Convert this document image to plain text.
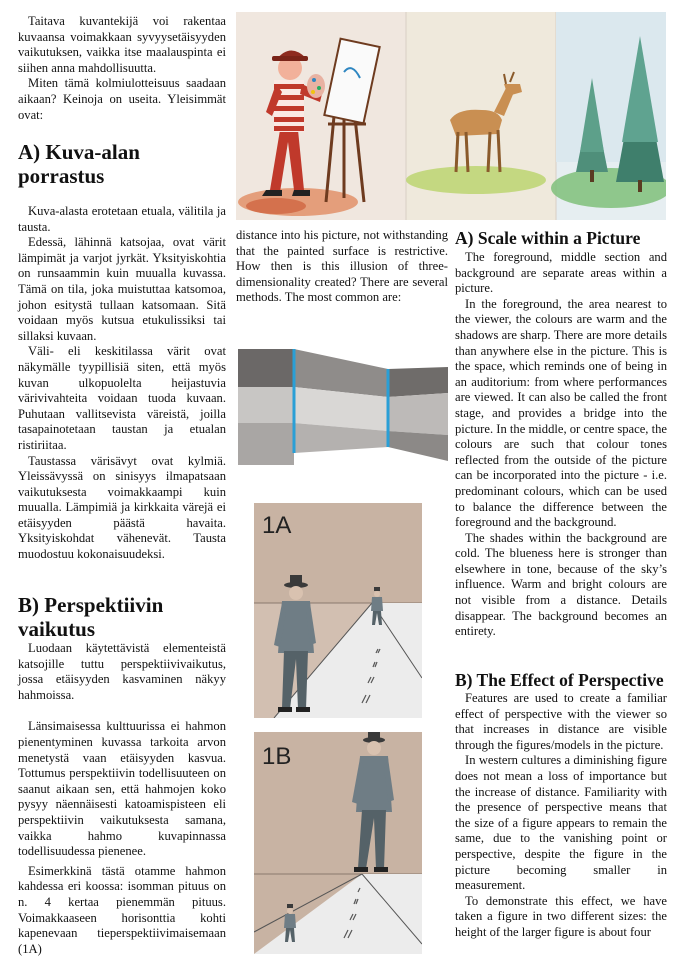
Taitava kuvantekijä voi rakentaa kuvaansa voimakkaan syvyysetäisyyden vaikutuksen, vaikka itse maalauspinta ei siihen anna mahdollisuutta.

Miten tämä kolmiulotteisuus saadaan aikaan? Keinoja on useita. Yleisimmät ovat:

A) Kuva-alan
porrastus

Kuva-alasta erotetaan etuala, välitila ja tausta.

Edessä, lähinnä katsojaa, ovat värit lämpimät ja varjot jyrkät. Yksityiskohtia on runsaammin kuin muualla kuvassa. Tämä on tila, joka muistuttaa katsomoa, johon esitystä tullaan katsomaan. Sitä voidaan myös kutsua etukulissiksi tai sillaksi kuvaan.

Väli- eli keskitilassa värit ovat näkymälle tyypillisiä siten, että myös kuvan ulkopuolelta heijastuvia värivivahteita voidaan tuoda kuvaan. Puhutaan vallitsevista väreistä, joilla tasapainotetaan taustan ja etualan ristiriitaa.

Taustassa värisävyt ovat kylmiä. Yleissävyssä on sinisyys ilmapatsaan vaikutuksesta voimakkaampi kuin muualla. Lämpimiä ja kirkkaita värejä ei etäisyyden päästä havaita. Yksityiskohdat vähenevät. Tausta muodostuu kokonaisuudeksi.

B) Perspektiivin
vaikutus

Luodaan käytettävistä elementeistä katsojille tuttu perspektiivivaikutus, jossa etäisyyden kasvaminen näkyy hahmoissa.

Länsimaisessa kulttuurissa ei hahmon pienentyminen kuvassa tarkoita arvon menetystä vaan etäisyyden kasvua. Tottumus perspektiivin todellisuuteen on saanut aikaan sen, että hahmojen koko pysyy näennäisesti katoamispisteen eli perspektiivin vaikutuksesta samana, vaikka hahmo kuvapinnassa todellisuudessa pienenee.

Esimerkkinä tästä otamme hahmon kahdessa eri koossa: isomman pituus on n. 4 kertaa pienemmän pituus. Voimakkaaseen horisonttia kohti kapenevaan tieperspektiivimaisemaan (1A)

distance into his picture, not withstanding that the painted surface is restrictive. How then is this illusion of three-dimensionality created? There are several methods. The most common are:

1A
1B
A) Scale within a Picture

The foreground, middle section and background are separate areas within a picture.

In the foreground, the area nearest to the viewer, the colours are warm and the shadows are sharp. There are more details than anywhere else in the picture. This is the space, which reminds one of being in an auditorium: from where performances are viewed. It can also be called the front stage, and provides a bridge into the picture. In the middle, or centre space, the colours are such that colour tones reflected from the outside of the picture can be incorporated into the picture - i.e. predominant colours, which can be used to balance the difference between the foreground and the background.

The shades within the background are cold. The blueness here is stronger than elsewhere in tone, because of the sky’s influence. Warm and bright colours are not visible from a distance. Details disappear. The background becomes an entirety.

B) The Effect of Perspective

Features are used to create a familiar effect of perspective with the viewer so that increases in distance are visible through the figures/models in the picture.

In western cultures a diminishing figure does not mean a loss of importance but the increase of distance. Familiarity with the presence of perspective means that the size of a figure appears to remain the same, due to the vanishing point or perspective, despite the figure in the picture becoming smaller in measurement.

To demonstrate this effect, we have taken a figure in two different sizes: the height of the larger figure is about four
